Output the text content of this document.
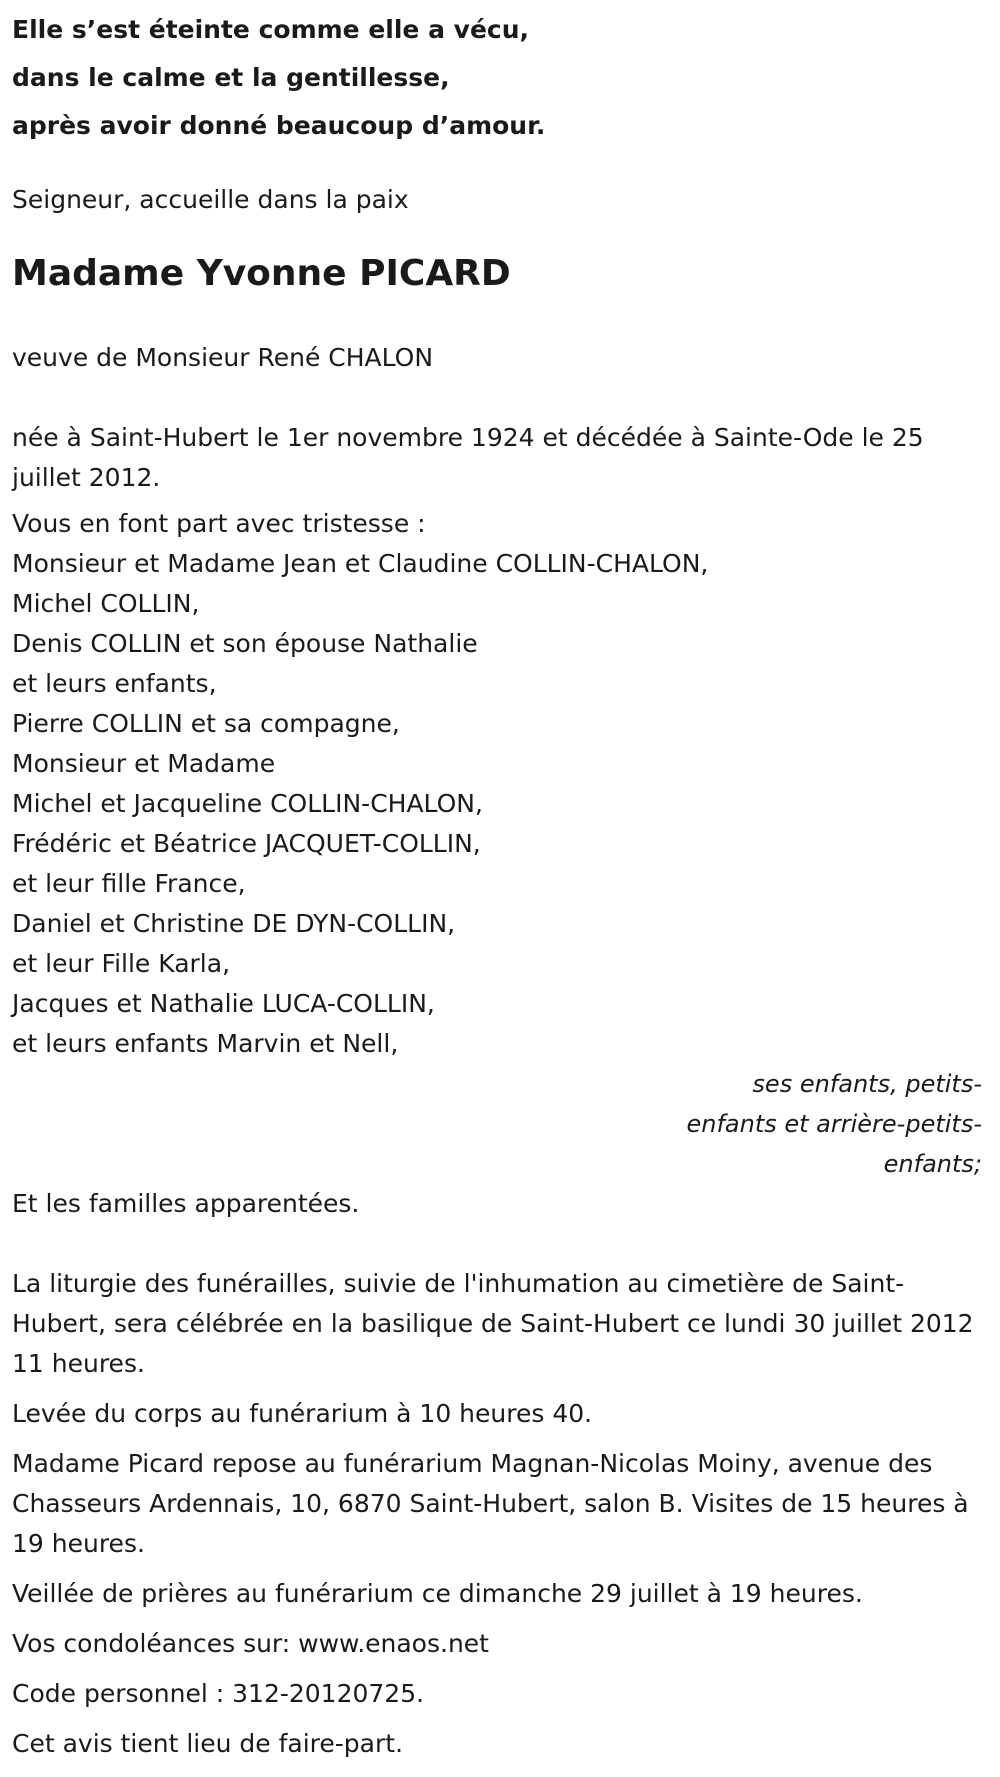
Elle s’est éteinte comme elle a vécu,
dans le calme et la gentillesse,
après avoir donné beaucoup d’amour.

Seigneur, accueille dans la paix

Madame Yvonne PICARD

veuve de Monsieur René CHALON

née à Saint-Hubert le 1er novembre 1924 et décédée à Sainte-Ode le 25 juillet 2012.

Vous en font part avec tristesse :
Monsieur et Madame Jean et Claudine COLLIN-CHALON,
Michel COLLIN,
Denis COLLIN et son épouse Nathalie
et leurs enfants,
Pierre COLLIN et sa compagne,
Monsieur et Madame
Michel et Jacqueline COLLIN-CHALON,
Frédéric et Béatrice JACQUET-COLLIN,
et leur fille France,
Daniel et Christine DE DYN-COLLIN,
et leur Fille Karla,
Jacques et Nathalie LUCA-COLLIN,
et leurs enfants Marvin et Nell,
ses enfants, petits-enfants et arrière-petits-enfants;

Et les familles apparentées.

La liturgie des funérailles, suivie de l'inhumation au cimetière de Saint-Hubert, sera célébrée en la basilique de Saint-Hubert ce lundi 30 juillet 2012 11 heures.

Levée du corps au funérarium à 10 heures 40.

Madame Picard repose au funérarium Magnan-Nicolas Moiny, avenue des Chasseurs Ardennais, 10, 6870 Saint-Hubert, salon B. Visites de 15 heures à 19 heures.

Veillée de prières au funérarium ce dimanche 29 juillet à 19 heures.

Vos condoléances sur: www.enaos.net

Code personnel : 312-20120725.

Cet avis tient lieu de faire-part.
